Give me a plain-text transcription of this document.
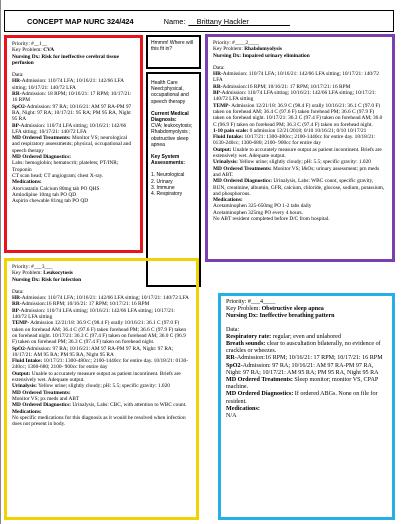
CONCEPT MAP NURC 324/424	Name: __Brittany Hackler__________

Priority: #__1__

Key Problem: CVA

Nursing Dx: Risk for ineffective cerebral tissue perfusion

Data:

HR-Admission: 110/74 LFA; 10/16/21: 142/66 LFA sitting; 10/17/21: 140/72 LFA

RR-Admission: 18 RPM; 10/16/21: 17 RPM; 10/17/21: 16 RPM

SpO2-Admission: 97 RA; 10/16/21: AM 97 RA-PM 97 RA, Night: 97 RA; 10/17/21: 95 RA; PM 95 RA, Night 95 RA

BP-Admission: 110/74 LFA sitting; 10/16/21: 142/66 LFA sitting; 10/17/21: 140/72 LFA

MD Ordered Treatments: Monitor VS; neurological and respiratory assessments; physical, occupational and speech therapy

MD Ordered Diagnostics:

Labs: hemoglobin; hematocrit; platelets; PT/INR; Troponin

CT scan head; CT angiogram; chest X-ray.

Medications:

Atorvastatin Calcium 80mg tab PO QHS

Amlodipine 10mg tab PO QD

Aspirin chewable 81mg tab PO QD

Hmmm! Where will this fit in?

Health Care Need:physical, occupational and speech therapy

Current Medical Diagnosis:

CVA; leukocytosis; Rhabdomyolysis ; obstructive sleep apnea

Key System Assessments:

1. Neurological

2. Urinary

3. Immune

4. Respiratory

Priority: #____2____

Key Problem: Rhabdomyolysis

Nursing Dx: Impaired urinary elimination

Data:

HR-Admission: 110/74 LFA; 10/16/21: 142/66 LFA sitting; 10/17/21: 140/72 LFA

RR-Admission:16 RPM; 10/16/21: 17 RPM; 10/17/21: 16 RPM

BP-Admission: 110/74 LFA sitting; 10/16/21: 142/66 LFA sitting; 10/17/21: 140/72 LFA sitting

TEMP- Admission 12/21/18: 36.9 C (98.4 F) orally 10/16/21: 36.1 C (97.0 F) taken on forehead AM; 36.4 C (97.6 F) taken forehead PM; 36.6 C (97.9 F) taken on forehead night. 10/17/21: 36.3 C (97.4 F) taken on forehead AM; 36.0 C (96.9 F) taken on forehead PM; 36.3 C (97.4 F) taken on forehead night.

1-10 pain scale: 0 admission 12/21/2018; 0/10 10/16/21; 0/10 10/17/21

Fluid Intake: 10/17/21: 1300-480cc; 2100-1440cc for entire day. 10/18/21: 0130-240cc; 1300-680; 2100- 900cc for entire day

Output: Unable to accurately measure output as patient incontinent. Briefs are extensively wet. Adequate output.

Urinalysis: Yellow urine; slightly cloudy; pH: 5.5; specific gravity: 1.020

MD Ordered Treatments: Monitor VS; I&Os; urinary assessment; prn meds and ABT.

MD Ordered Diagnostics: Urinalysis, Labs: WBC count, specific gravity, BUN, creatinine, albumin, GFR, calcium, chloride, glucose, sodium, potassium, and phosphorous.

Medications:

Acetaminophen 325-650mg PO 1-2 tabs daily

Acetaminophen 325mg PO every 4 hours.

No ABT resident completed before D/C from hospital.

Priority: #___3___

Key Problem: Leukocytosis

Nursing Dx: Risk for infection

Data:

HR-Admission: 110/74 LFA; 10/16/21: 142/66 LFA sitting; 10/17/21: 140/72 LFA

RR-Admission:16 RPM; 10/16/21: 17 RPM; 10/17/21: 16 RPM

BP-Admission: 110/74 LFA sitting; 10/16/21: 142/66 LFA sitting; 10/17/21: 140/72 LFA sitting

TEMP- Admission 12/21/18: 36.9 C (98.4 F) orally 10/16/21: 36.1 C (97.0 F) taken on forehead AM; 36.4 C (97.6 F) taken forehead PM; 36.6 C (97.9 F) taken on forehead night. 10/17/21: 36.3 C (97.4 F) taken on forehead AM; 36.0 C (96.9 F) taken on forehead PM; 36.3 C (97.4 F) taken on forehead night.

SpO2-Admission: 97 RA; 10/16/21: AM 97 RA-PM 97 RA, Night: 97 RA; 10/17/21: AM 95 RA; PM 95 RA, Night 95 RA

Fluid Intake: 10/17/21: 1300-480cc; 2100-1440cc for entire day. 10/18/21: 0130-240cc; 1300-680; 2100- 900cc for entire day

Output: Unable to accurately measure output as patient incontinent. Briefs are extensively wet. Adequate output.

Urinalysis: Yellow urine; slightly cloudy; pH: 5.5; specific gravity: 1.020

MD Ordered Treatments:

Monitor VS; px meds and ABT

MD Ordered Diagnostics: Urinalysis, Labs: CBC, with attention to WBC count.

Medications:

No specific medications for this diagnosis as it would be resolved when infection does not present in body.

Priority: #___4____

Key Problem: Obstructive sleep apnea

Nursing Dx: Ineffective breathing pattern

Data:

Respiratory rate: regular; even and unlabored

Breath sounds: clear to auscultation bilaterally, no evidence of crackles or wheezes.

RR-Admission:16 RPM; 10/16/21: 17 RPM; 10/17/21: 16 RPM

SpO2-Admission: 97 RA; 10/16/21: AM 97 RA-PM 97 RA, Night: 97 RA; 10/17/21: AM 95 RA; PM 95 RA, Night 95 RA

MD Ordered Treatments: Sleep monitor; monitor VS, CPAP machine.

MD Ordered Diagnostics: If ordered ABGs. None on file for resident.

Medications:

N/A
